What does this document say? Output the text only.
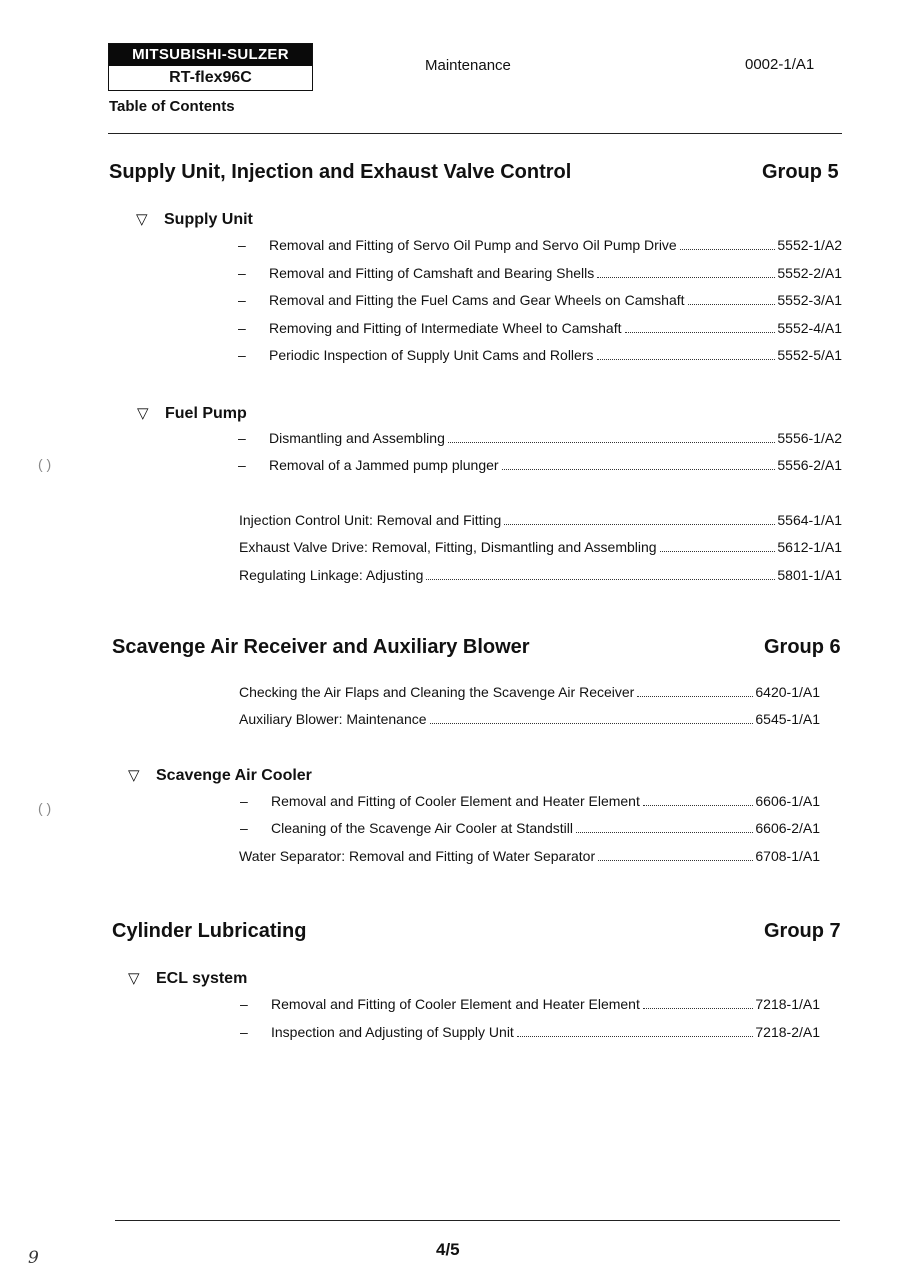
MITSUBISHI-SULZER
RT-flex96C
Table of Contents
Maintenance	0002-1/A1
Supply Unit, Injection and Exhaust Valve Control	Group 5
▽ Supply Unit
–	Removal and Fitting of Servo Oil Pump and Servo Oil Pump Drive	5552-1/A2
–	Removal and Fitting of Camshaft and Bearing Shells	5552-2/A1
–	Removal and Fitting the Fuel Cams and Gear Wheels on Camshaft	5552-3/A1
–	Removing and Fitting of Intermediate Wheel to Camshaft	5552-4/A1
–	Periodic Inspection of Supply Unit Cams and Rollers	5552-5/A1
▽ Fuel Pump
–	Dismantling and Assembling	5556-1/A2
–	Removal of a Jammed pump plunger	5556-2/A1
Injection Control Unit: Removal and Fitting	5564-1/A1
Exhaust Valve Drive: Removal, Fitting, Dismantling and Assembling	5612-1/A1
Regulating Linkage: Adjusting	5801-1/A1
Scavenge Air Receiver and Auxiliary Blower	Group 6
Checking the Air Flaps and Cleaning the Scavenge Air Receiver	6420-1/A1
Auxiliary Blower: Maintenance	6545-1/A1
▽ Scavenge Air Cooler
–	Removal and Fitting of Cooler Element and Heater Element	6606-1/A1
–	Cleaning of the Scavenge Air Cooler at Standstill	6606-2/A1
Water Separator: Removal and Fitting of Water Separator	6708-1/A1
Cylinder Lubricating	Group 7
▽ ECL system
–	Removal and Fitting of Cooler Element and Heater Element	7218-1/A1
–	Inspection and Adjusting of Supply Unit	7218-2/A1
( )
( )
4/5
9
